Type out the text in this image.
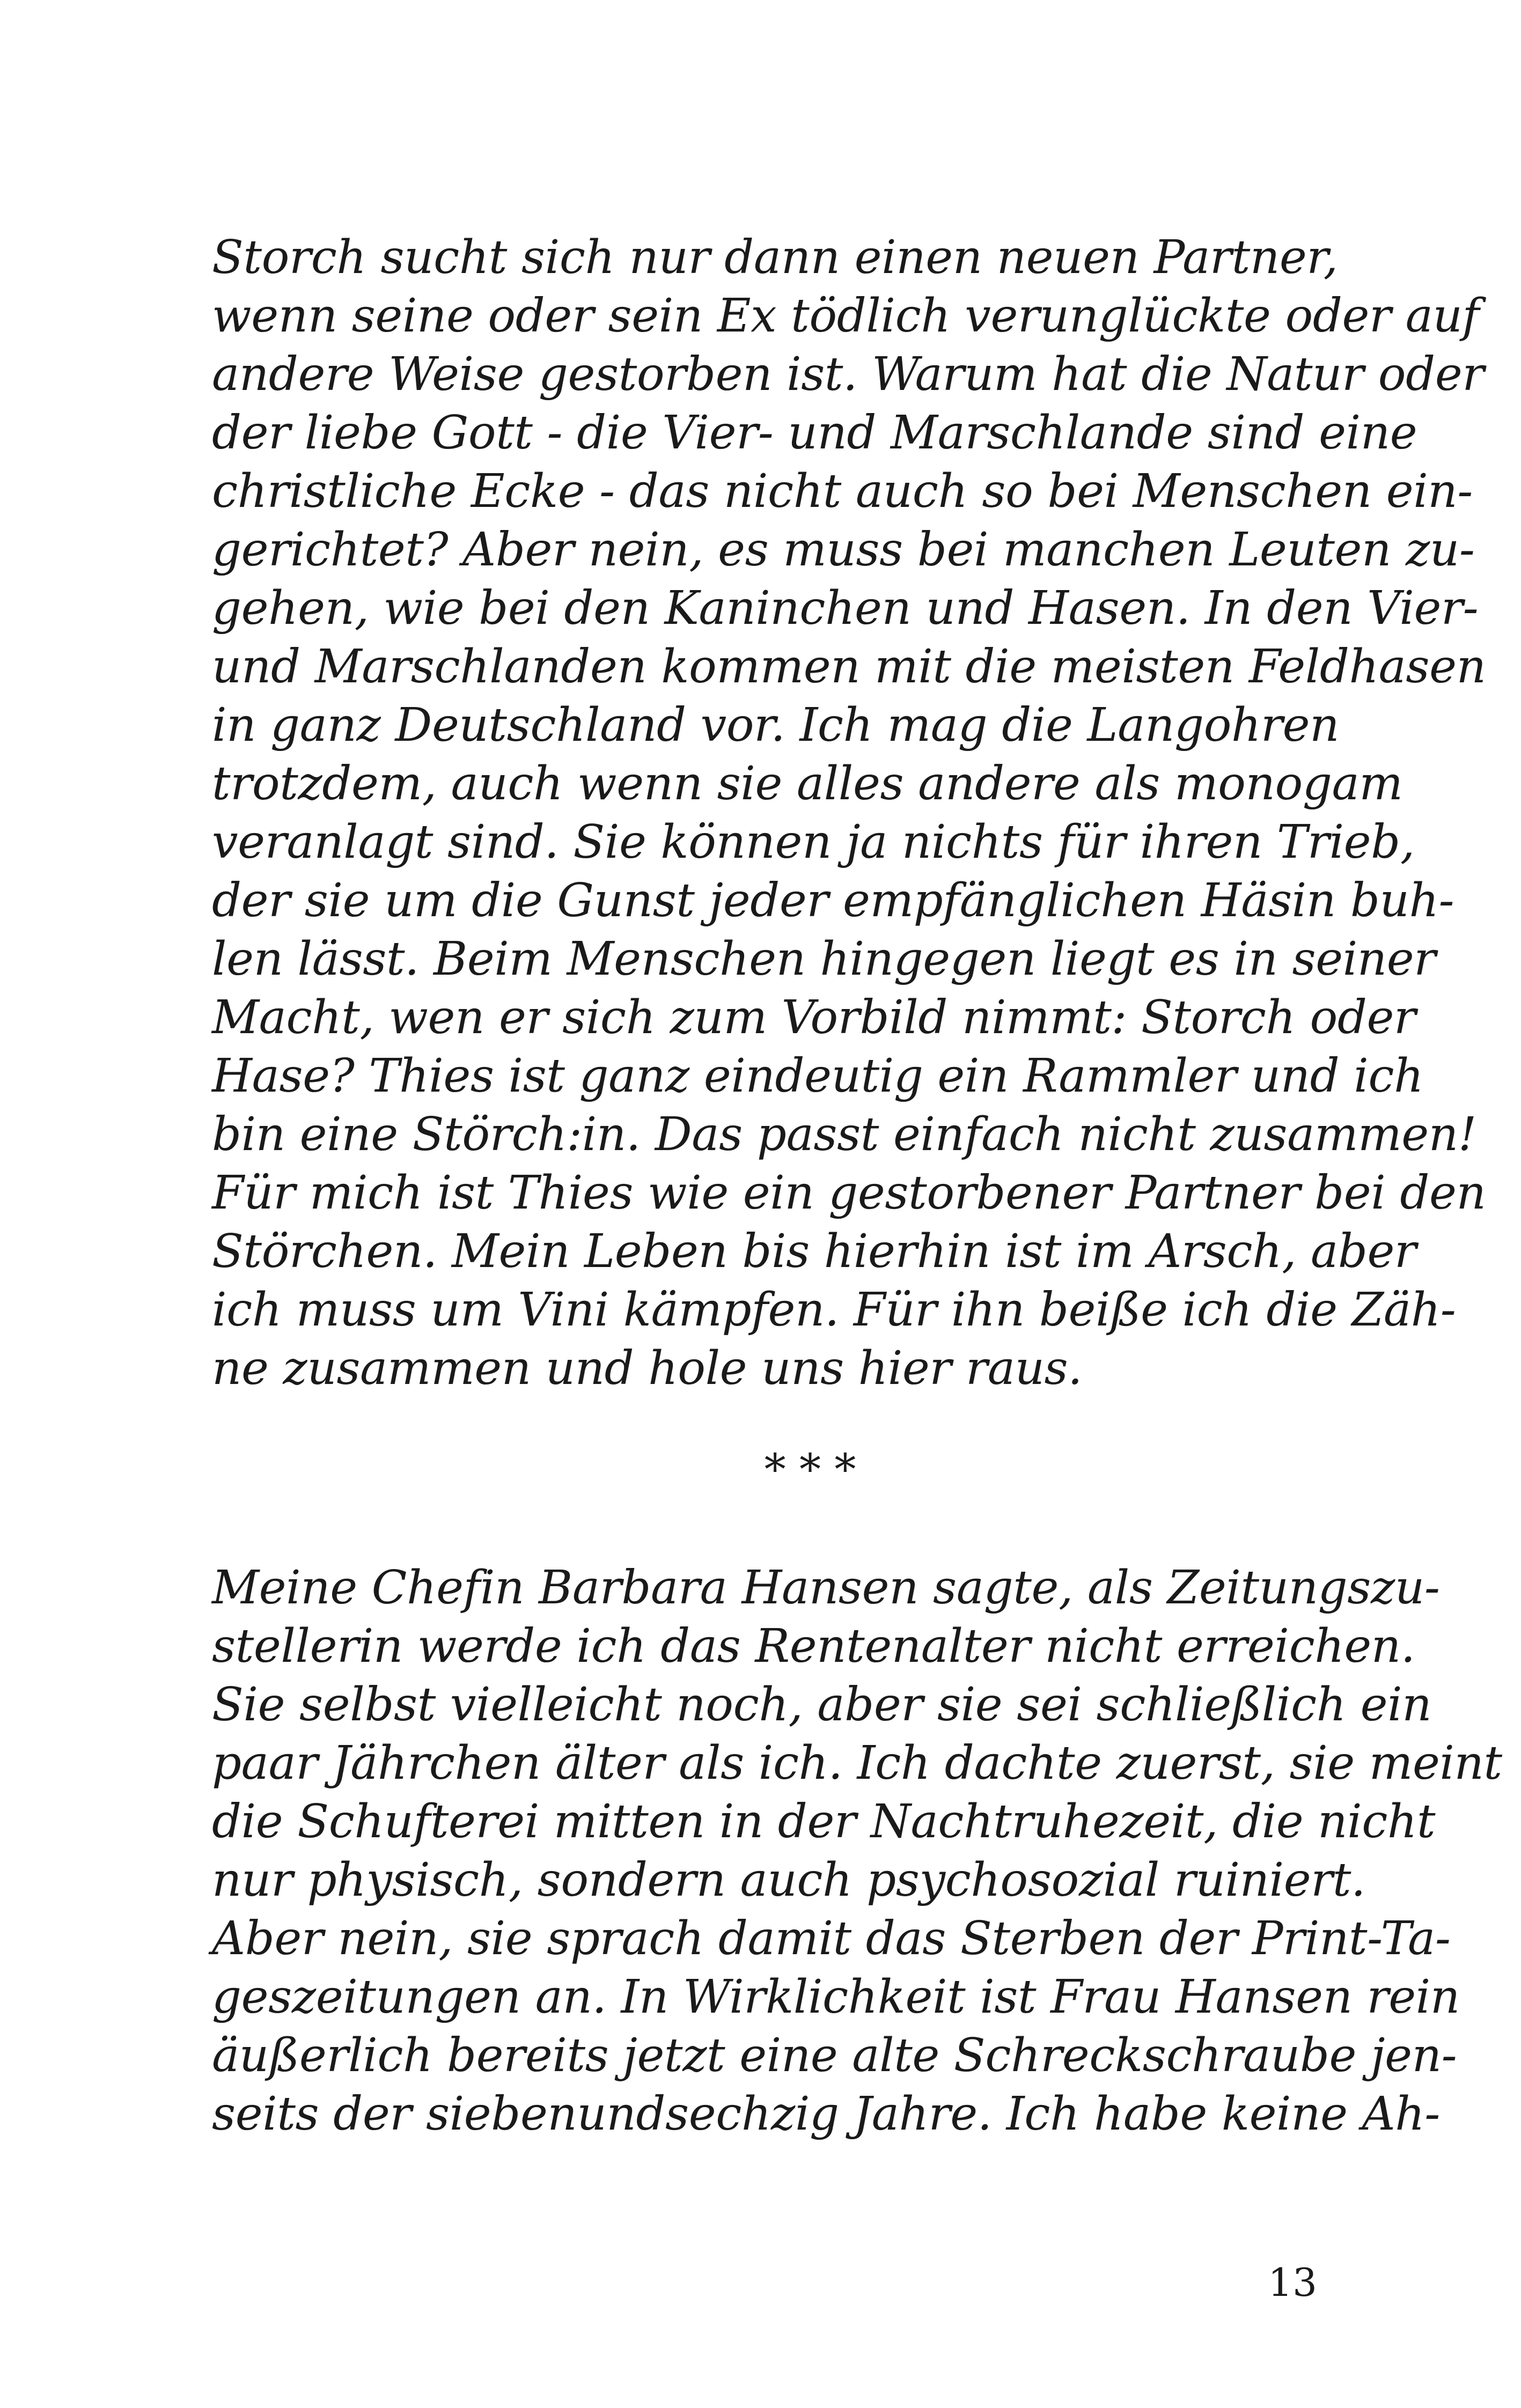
Storch sucht sich nur dann einen neuen Partner,
wenn seine oder sein Ex tödlich verunglückte oder auf
andere Weise gestorben ist. Warum hat die Natur oder
der liebe Gott - die Vier- und Marschlande sind eine
christliche Ecke - das nicht auch so bei Menschen ein-
gerichtet? Aber nein, es muss bei manchen Leuten zu-
gehen, wie bei den Kaninchen und Hasen. In den Vier-
und Marschlanden kommen mit die meisten Feldhasen
in ganz Deutschland vor. Ich mag die Langohren
trotzdem, auch wenn sie alles andere als monogam
veranlagt sind. Sie können ja nichts für ihren Trieb,
der sie um die Gunst jeder empfänglichen Häsin buh-
len lässt. Beim Menschen hingegen liegt es in seiner
Macht, wen er sich zum Vorbild nimmt: Storch oder
Hase? Thies ist ganz eindeutig ein Rammler und ich
bin eine Störch:in. Das passt einfach nicht zusammen!
Für mich ist Thies wie ein gestorbener Partner bei den
Störchen. Mein Leben bis hierhin ist im Arsch, aber
ich muss um Vini kämpfen. Für ihn beiße ich die Zäh-
ne zusammen und hole uns hier raus.
* * *
Meine Chefin Barbara Hansen sagte, als Zeitungszu-
stellerin werde ich das Rentenalter nicht erreichen.
Sie selbst vielleicht noch, aber sie sei schließlich ein
paar Jährchen älter als ich. Ich dachte zuerst, sie meint
die Schufterei mitten in der Nachtruhezeit, die nicht
nur physisch, sondern auch psychosozial ruiniert.
Aber nein, sie sprach damit das Sterben der Print-Ta-
geszeitungen an. In Wirklichkeit ist Frau Hansen rein
äußerlich bereits jetzt eine alte Schreckschraube jen-
seits der siebenundsechzig Jahre. Ich habe keine Ah-
13
